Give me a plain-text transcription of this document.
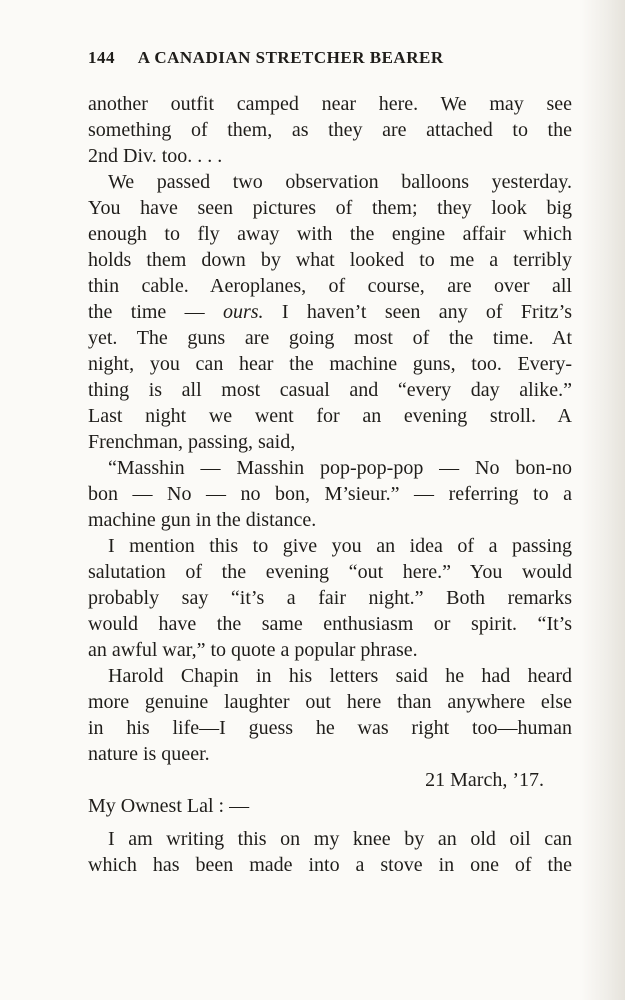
144 A CANADIAN STRETCHER BEARER
another outfit camped near here. We may see
something of them, as they are attached to the
2nd Div. too. . . .
We passed two observation balloons yesterday.
You have seen pictures of them; they look big
enough to fly away with the engine affair which
holds them down by what looked to me a terribly
thin cable. Aeroplanes, of course, are over all
the time — ours. I haven’t seen any of Fritz’s
yet. The guns are going most of the time. At
night, you can hear the machine guns, too. Every-
thing is all most casual and “every day alike.”
Last night we went for an evening stroll. A
Frenchman, passing, said,
“Masshin — Masshin pop-pop-pop — No bon-no
bon — No — no bon, M’sieur.” — referring to a
machine gun in the distance.
I mention this to give you an idea of a passing
salutation of the evening “out here.” You would
probably say “it’s a fair night.” Both remarks
would have the same enthusiasm or spirit. “It’s
an awful war,” to quote a popular phrase.
Harold Chapin in his letters said he had heard
more genuine laughter out here than anywhere else
in his life—I guess he was right too—human
nature is queer.
21 March, ’17.
My Ownest Lal : —
I am writing this on my knee by an old oil can
which has been made into a stove in one of the
